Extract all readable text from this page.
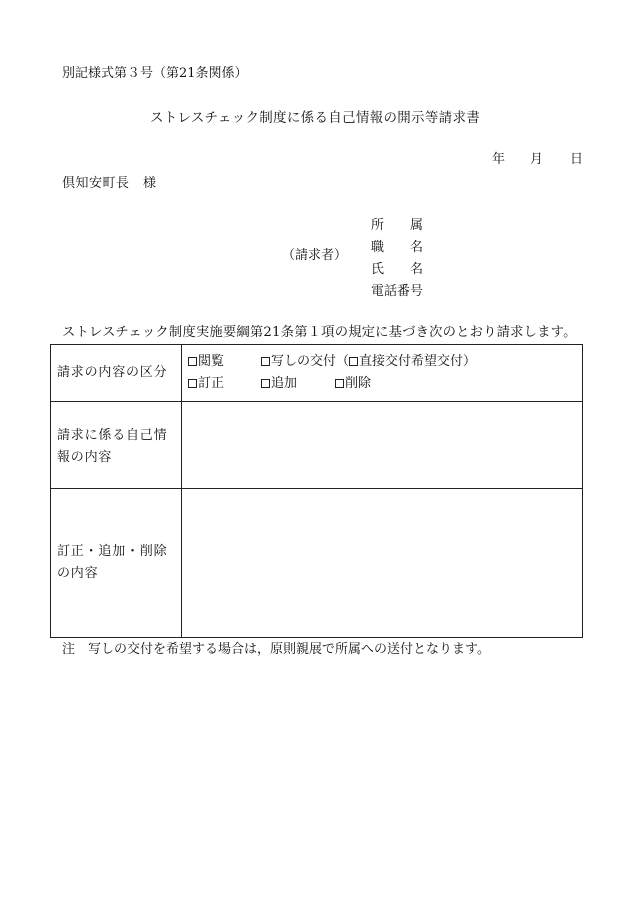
別記様式第３号（第21条関係）
ストレスチェック制度に係る自己情報の開示等請求書
年 月 日
倶知安町長　様
（請求者）
所 属
職 名
氏 名
電話番号
ストレスチェック制度実施要綱第21条第１項の規定に基づき次のとおり請求します。
請求の内容の区分
閲覧	写しの交付（ 直接交付希望交付）
訂正	追加	削除
請求に係る自己情報の内容
訂正・追加・削除の内容
注　写しの交付を希望する場合は，原則親展で所属への送付となります。
